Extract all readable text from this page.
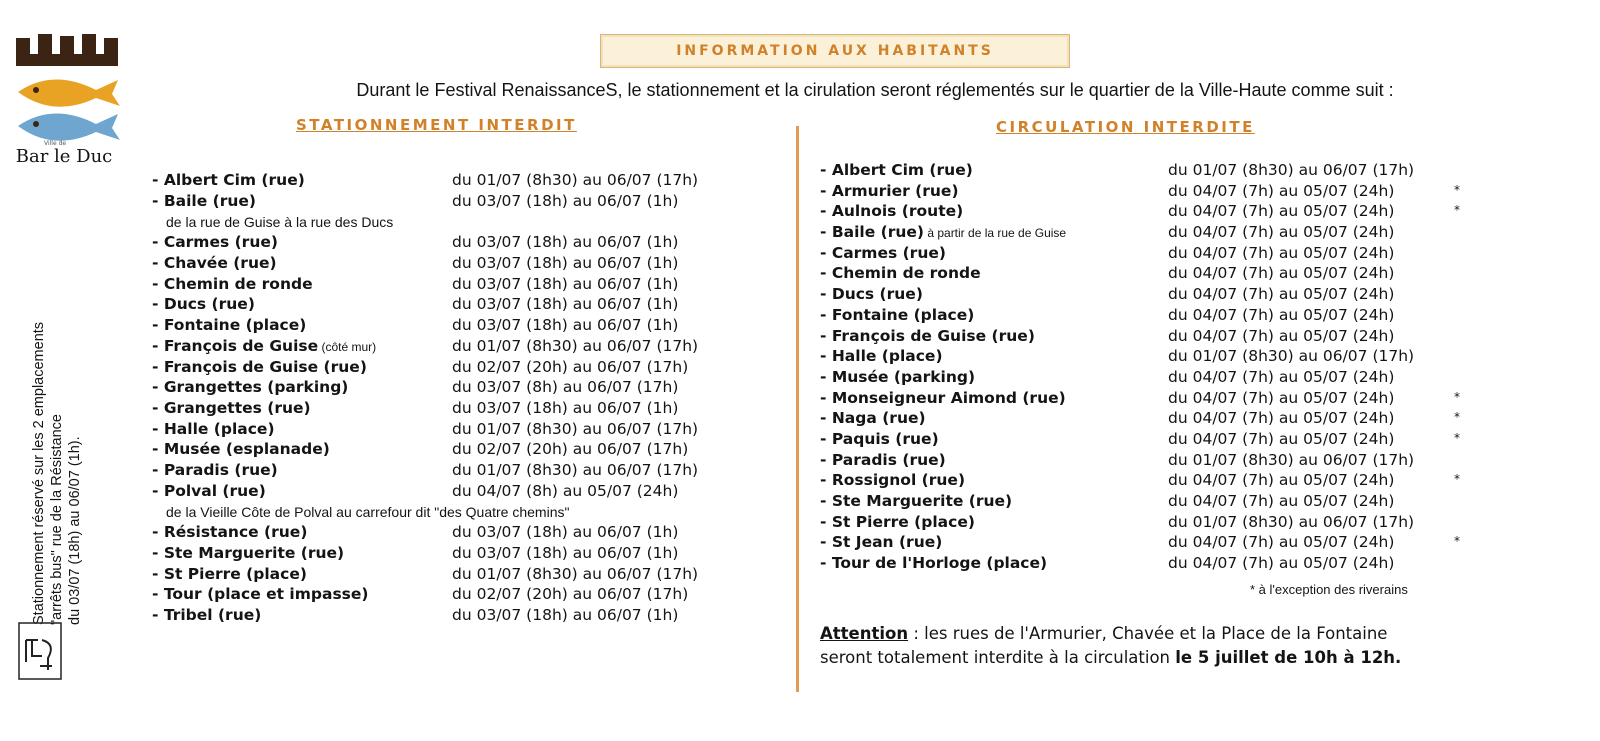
Ville de
Bar le Duc
INFORMATION AUX HABITANTS
Durant le Festival RenaissanceS, le stationnement et la cirulation seront réglementés sur le quartier de la Ville-Haute comme suit :
STATIONNEMENT INTERDIT	CIRCULATION INTERDITE
Stationnement réservé sur les 2 emplacements "arrêts bus" rue de la Résistance du 03/07 (18h) au 06/07 (1h).
- Albert Cim (rue)	du 01/07 (8h30) au 06/07 (17h)
- Baile (rue)	du 03/07 (18h) au 06/07 (1h)
de la rue de Guise à la rue des Ducs
- Carmes (rue)	du 03/07 (18h) au 06/07 (1h)
- Chavée (rue)	du 03/07 (18h) au 06/07 (1h)
- Chemin de ronde	du 03/07 (18h) au 06/07 (1h)
- Ducs (rue)	du 03/07 (18h) au 06/07 (1h)
- Fontaine (place)	du 03/07 (18h) au 06/07 (1h)
- François de Guise (côté mur)	du 01/07 (8h30) au 06/07 (17h)
- François de Guise (rue)	du 02/07 (20h) au 06/07 (17h)
- Grangettes (parking)	du 03/07 (8h) au 06/07 (17h)
- Grangettes (rue)	du 03/07 (18h) au 06/07 (1h)
- Halle (place)	du 01/07 (8h30) au 06/07 (17h)
- Musée (esplanade)	du 02/07 (20h) au 06/07 (17h)
- Paradis (rue)	du 01/07 (8h30) au 06/07 (17h)
- Polval (rue)	du 04/07 (8h) au 05/07 (24h)
de la Vieille Côte de Polval au carrefour dit "des Quatre chemins"
- Résistance (rue)	du 03/07 (18h) au 06/07 (1h)
- Ste Marguerite (rue)	du 03/07 (18h) au 06/07 (1h)
- St Pierre (place)	du 01/07 (8h30) au 06/07 (17h)
- Tour (place et impasse)	du 02/07 (20h) au 06/07 (17h)
- Tribel (rue)	du 03/07 (18h) au 06/07 (1h)
- Albert Cim (rue)	du 01/07 (8h30) au 06/07 (17h)
- Armurier (rue)	du 04/07 (7h) au 05/07 (24h)	*
- Aulnois (route)	du 04/07 (7h) au 05/07 (24h)	*
- Baile (rue) à partir de la rue de Guise	du 04/07 (7h) au 05/07 (24h)
- Carmes (rue)	du 04/07 (7h) au 05/07 (24h)
- Chemin de ronde	du 04/07 (7h) au 05/07 (24h)
- Ducs (rue)	du 04/07 (7h) au 05/07 (24h)
- Fontaine (place)	du 04/07 (7h) au 05/07 (24h)
- François de Guise (rue)	du 04/07 (7h) au 05/07 (24h)
- Halle (place)	du 01/07 (8h30) au 06/07 (17h)
- Musée (parking)	du 04/07 (7h) au 05/07 (24h)
- Monseigneur Aimond (rue)	du 04/07 (7h) au 05/07 (24h)	*
- Naga (rue)	du 04/07 (7h) au 05/07 (24h)	*
- Paquis (rue)	du 04/07 (7h) au 05/07 (24h)	*
- Paradis (rue)	du 01/07 (8h30) au 06/07 (17h)
- Rossignol (rue)	du 04/07 (7h) au 05/07 (24h)	*
- Ste Marguerite (rue)	du 04/07 (7h) au 05/07 (24h)
- St Pierre (place)	du 01/07 (8h30) au 06/07 (17h)
- St Jean (rue)	du 04/07 (7h) au 05/07 (24h)	*
- Tour de l'Horloge (place)	du 04/07 (7h) au 05/07 (24h)
* à l'exception des riverains
Attention : les rues de l'Armurier, Chavée et la Place de la Fontaine
seront totalement interdite à la circulation le 5 juillet de 10h à 12h.
